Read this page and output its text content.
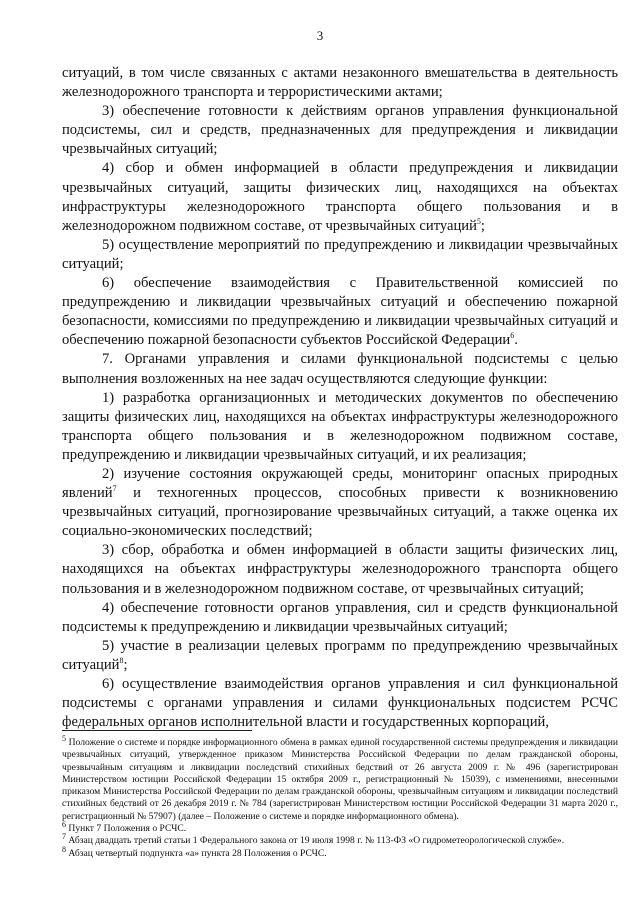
3

ситуаций, в том числе связанных с актами незаконного вмешательства в деятельность железнодорожного транспорта и террористическими актами;

3) обеспечение готовности к действиям органов управления функциональной подсистемы, сил и средств, предназначенных для предупреждения и ликвидации чрезвычайных ситуаций;

4) сбор и обмен информацией в области предупреждения и ликвидации чрезвычайных ситуаций, защиты физических лиц, находящихся на объектах инфраструктуры железнодорожного транспорта общего пользования и в железнодорожном подвижном составе, от чрезвычайных ситуаций$^5$;

5) осуществление мероприятий по предупреждению и ликвидации чрезвычайных ситуаций;

6) обеспечение взаимодействия с Правительственной комиссией по предупреждению и ликвидации чрезвычайных ситуаций и обеспечению пожарной безопасности, комиссиями по предупреждению и ликвидации чрезвычайных ситуаций и обеспечению пожарной безопасности субъектов Российской Федерации$^6$.

7. Органами управления и силами функциональной подсистемы с целью выполнения возложенных на нее задач осуществляются следующие функции:

1) разработка организационных и методических документов по обеспечению защиты физических лиц, находящихся на объектах инфраструктуры железнодорожного транспорта общего пользования и в железнодорожном подвижном составе, предупреждению и ликвидации чрезвычайных ситуаций, и их реализация;

2) изучение состояния окружающей среды, мониторинг опасных природных явлений$^7$ и техногенных процессов, способных привести к возникновению чрезвычайных ситуаций, прогнозирование чрезвычайных ситуаций, а также оценка их социально-экономических последствий;

3) сбор, обработка и обмен информацией в области защиты физических лиц, находящихся на объектах инфраструктуры железнодорожного транспорта общего пользования и в железнодорожном подвижном составе, от чрезвычайных ситуаций;

4) обеспечение готовности органов управления, сил и средств функциональной подсистемы к предупреждению и ликвидации чрезвычайных ситуаций;

5) участие в реализации целевых программ по предупреждению чрезвычайных ситуаций$^8$;

6) осуществление взаимодействия органов управления и сил функциональной подсистемы с органами управления и силами функциональных подсистем РСЧС федеральных органов исполнительной власти и государственных корпораций,

$^5$ Положение о системе и порядке информационного обмена в рамках единой государственной системы предупреждения и ликвидации чрезвычайных ситуаций, утвержденное приказом Министерства Российской Федерации по делам гражданской обороны, чрезвычайным ситуациям и ликвидации последствий стихийных бедствий от 26 августа 2009 г. № 496 (зарегистрирован Министерством юстиции Российской Федерации 15 октября 2009 г., регистрационный № 15039), с изменениями, внесенными приказом Министерства Российской Федерации по делам гражданской обороны, чрезвычайным ситуациям и ликвидации последствий стихийных бедствий от 26 декабря 2019 г. № 784 (зарегистрирован Министерством юстиции Российской Федерации 31 марта 2020 г., регистрационный № 57907) (далее – Положение о системе и порядке информационного обмена).

$^6$ Пункт 7 Положения о РСЧС.

$^7$ Абзац двадцать третий статьи 1 Федерального закона от 19 июля 1998 г. № 113-ФЗ «О гидрометеорологической службе».

$^8$ Абзац четвертый подпункта «а» пункта 28 Положения о РСЧС.
